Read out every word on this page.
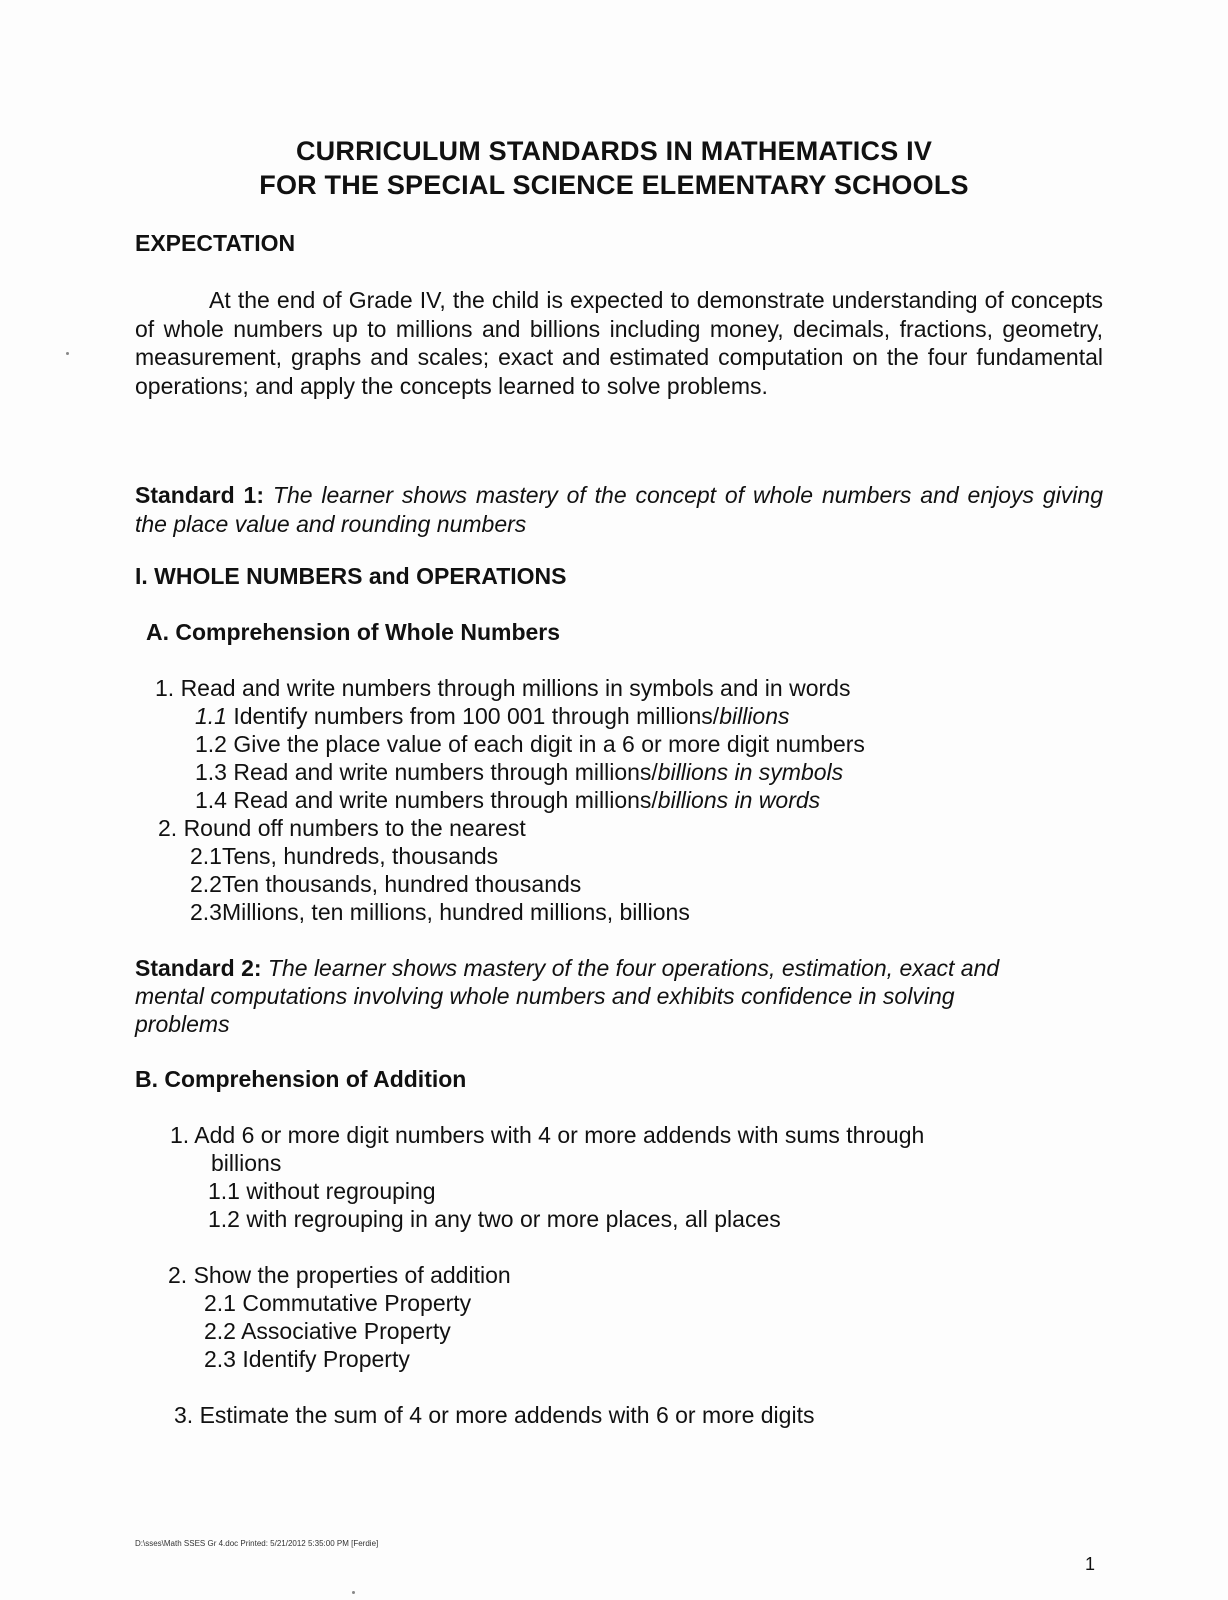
CURRICULUM STANDARDS IN MATHEMATICS IV
FOR THE SPECIAL SCIENCE ELEMENTARY SCHOOLS
EXPECTATION
At the end of Grade IV, the child is expected to demonstrate understanding of concepts of whole numbers up to millions and billions including money, decimals, fractions, geometry, measurement, graphs and scales; exact and estimated computation on the four fundamental operations; and apply the concepts learned to solve problems.
Standard 1: The learner shows mastery of the concept of whole numbers and enjoys giving the place value and rounding numbers
I. WHOLE NUMBERS and OPERATIONS
A. Comprehension of Whole Numbers
1. Read and write numbers through millions in symbols and in words
1.1 Identify numbers from 100 001 through millions/billions
1.2 Give the place value of each digit in a 6 or more digit numbers
1.3 Read and write numbers through millions/billions in symbols
1.4 Read and write numbers through millions/billions in words
2. Round off numbers to the nearest
2.1Tens, hundreds, thousands
2.2Ten thousands, hundred thousands
2.3Millions, ten millions, hundred millions, billions
Standard 2: The learner shows mastery of the four operations, estimation, exact and
mental computations involving whole numbers and exhibits confidence in solving
problems
B. Comprehension of Addition
1. Add 6 or more digit numbers with 4 or more addends with sums through
billions
1.1 without regrouping
1.2 with regrouping in any two or more places, all places
2. Show the properties of addition
2.1 Commutative Property
2.2 Associative Property
2.3 Identify Property
3. Estimate the sum of 4 or more addends with 6 or more digits
D:\sses\Math SSES Gr 4.doc Printed: 5/21/2012 5:35:00 PM [Ferdie]
1
